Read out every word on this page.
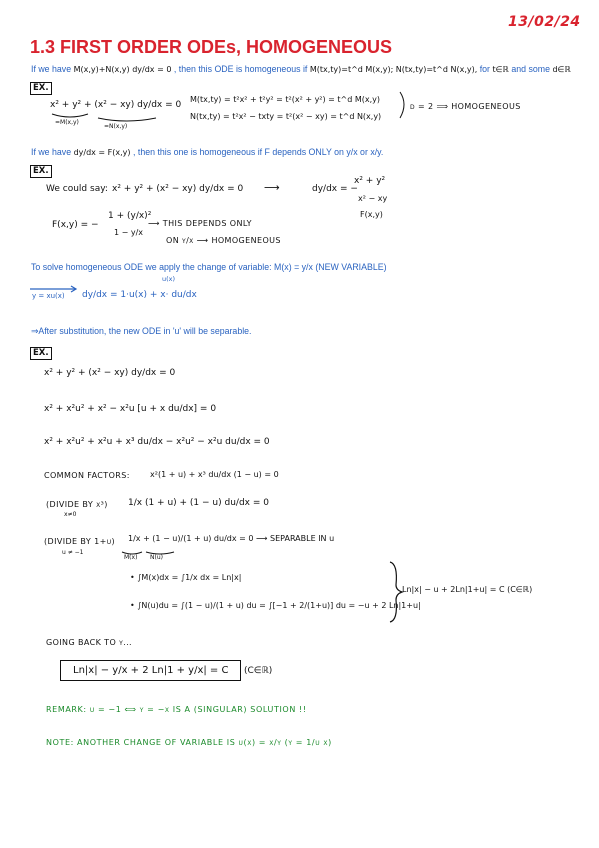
13/02/24
1.3 FIRST ORDER ODEs, HOMOGENEOUS
If we have M(x,y)+N(x,y) dy/dx = 0 , then this ODE is homogeneous if M(tx,ty)=t^d M(x,y); N(tx,ty)=t^d N(x,y), for t∈ℝ and some d∈ℝ
EX.
x² + y² + (x² − xy) dy/dx = 0
=M(x,y)
=N(x,y)
M(tx,ty) = t²x² + t²y² = t²(x² + y²) = t^d M(x,y)
N(tx,ty) = t²x² − txty = t²(x² − xy) = t^d N(x,y)
d = 2 ⟹ HOMOGENEOUS
If we have dy/dx = F(x,y) , then this one is homogeneous if F depends ONLY on y/x or x/y.
EX.
We could say: x² + y² + (x² − xy) dy/dx = 0 ⟶	dy/dx = −
x² + y²
x² − xy
F(x,y)
F(x,y) = −
1 + (y/x)²
1 − y/x
⟶ THIS DEPENDS ONLY
ON y/x ⟶ HOMOGENEOUS
To solve homogeneous ODE we apply the change of variable: M(x) = y/x (NEW VARIABLE)
y = xu(x)
u(x)
dy/dx = 1·u(x) + x· du/dx
⇒After substitution, the new ODE in 'u' will be separable.
EX.
x² + y² + (x² − xy) dy/dx = 0
x² + x²u² + x² − x²u [u + x du/dx] = 0
x² + x²u² + x²u + x³ du/dx − x²u² − x²u du/dx = 0
COMMON FACTORS:	x²(1 + u) + x³ du/dx (1 − u) = 0
(DIVIDE BY x³)
x≠0
1/x (1 + u) + (1 − u) du/dx = 0
(DIVIDE BY 1+u)
u ≠ −1
1/x + (1 − u)/(1 + u) du/dx = 0 ⟶ SEPARABLE IN u
M(x) N(u)
• ∫M(x)dx = ∫1/x dx = Ln|x|
• ∫N(u)du = ∫(1 − u)/(1 + u) du = ∫[−1 + 2/(1+u)] du = −u + 2 Ln|1+u|
Ln|x| − u + 2Ln|1+u| = C (C∈ℝ)
GOING BACK TO y...
Ln|x| − y/x + 2 Ln|1 + y/x| = C	(C∈ℝ)
REMARK: u = −1 ⟺ y = −x IS A (SINGULAR) SOLUTION !!
NOTE: ANOTHER CHANGE OF VARIABLE IS u(x) = x/y (y = 1/u x)
